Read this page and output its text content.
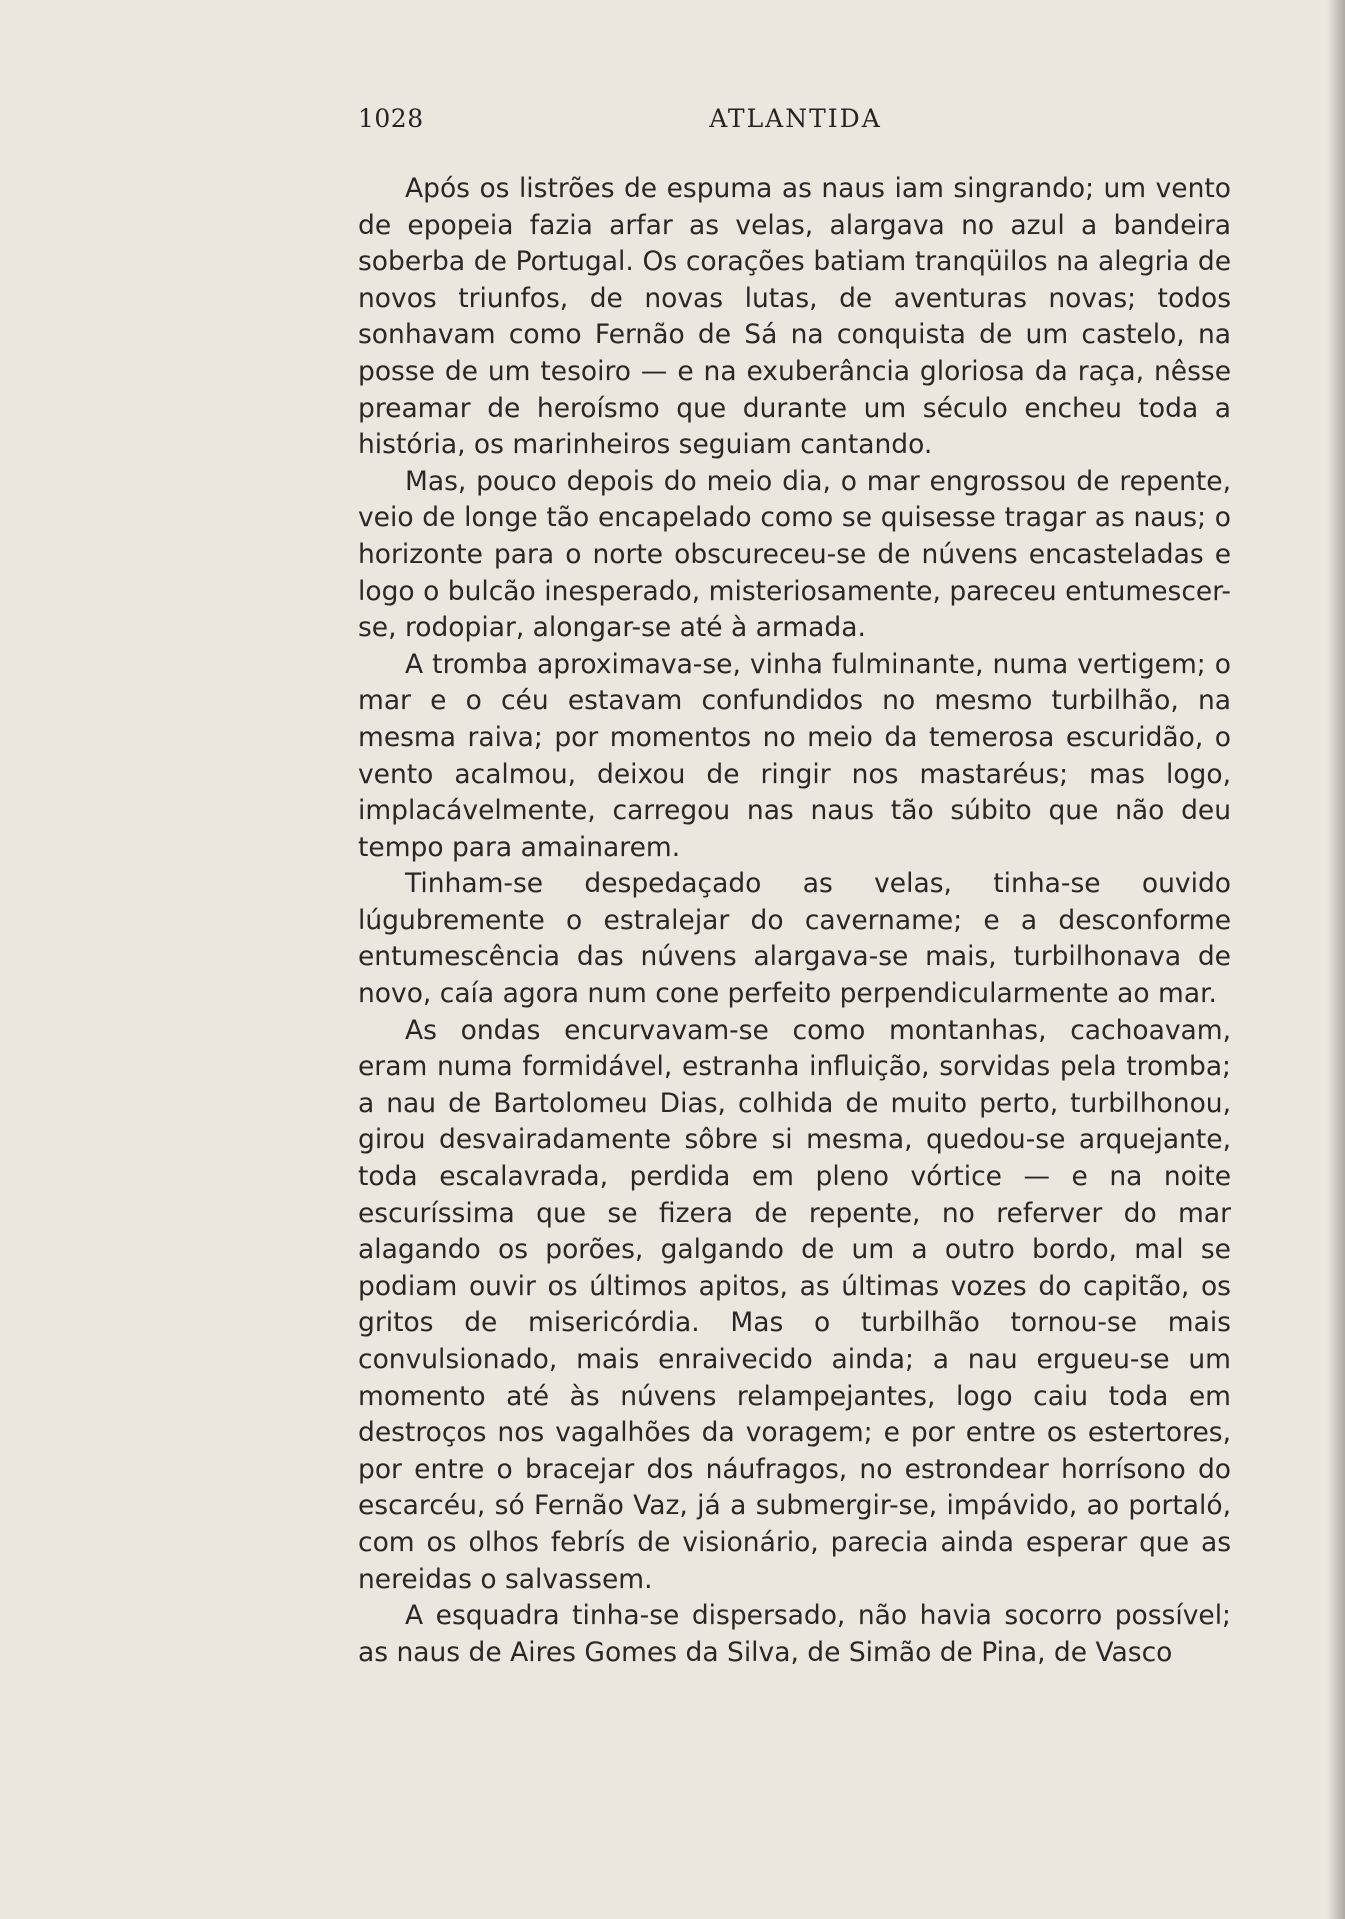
1028	ATLANTIDA

Após os listrões de espuma as naus iam singrando; um vento de epopeia fazia arfar as velas, alargava no azul a bandeira soberba de Portugal. Os corações batiam tranqüilos na alegria de novos triunfos, de novas lutas, de aventuras novas; todos sonhavam como Fernão de Sá na conquista de um castelo, na posse de um tesoiro — e na exuberância gloriosa da raça, nêsse preamar de heroísmo que durante um século encheu toda a história, os marinheiros seguiam cantando.

Mas, pouco depois do meio dia, o mar engrossou de repente, veio de longe tão encapelado como se quisesse tragar as naus; o horizonte para o norte obscureceu-se de núvens encasteladas e logo o bulcão inesperado, misteriosamente, pareceu entumescer-se, rodopiar, alongar-se até à armada.

A tromba aproximava-se, vinha fulminante, numa vertigem; o mar e o céu estavam confundidos no mesmo turbilhão, na mesma raiva; por momentos no meio da temerosa escuridão, o vento acalmou, deixou de ringir nos mastaréus; mas logo, implacávelmente, carregou nas naus tão súbito que não deu tempo para amainarem.

Tinham-se despedaçado as velas, tinha-se ouvido lúgubremente o estralejar do cavername; e a desconforme entumescência das núvens alargava-se mais, turbilhonava de novo, caía agora num cone perfeito perpendicularmente ao mar.

As ondas encurvavam-se como montanhas, cachoavam, eram numa formidável, estranha influição, sorvidas pela tromba; a nau de Bartolomeu Dias, colhida de muito perto, turbilhonou, girou desvairadamente sôbre si mesma, quedou-se arquejante, toda escalavrada, perdida em pleno vórtice — e na noite escuríssima que se fizera de repente, no referver do mar alagando os porões, galgando de um a outro bordo, mal se podiam ouvir os últimos apitos, as últimas vozes do capitão, os gritos de misericórdia. Mas o turbilhão tornou-se mais convulsionado, mais enraivecido ainda; a nau ergueu-se um momento até às núvens relampejantes, logo caiu toda em destroços nos vagalhões da voragem; e por entre os estertores, por entre o bracejar dos náufragos, no estrondear horrísono do escarcéu, só Fernão Vaz, já a submergir-se, impávido, ao portaló, com os olhos febrís de visionário, parecia ainda esperar que as nereidas o salvassem.

A esquadra tinha-se dispersado, não havia socorro possível; as naus de Aires Gomes da Silva, de Simão de Pina, de Vasco
